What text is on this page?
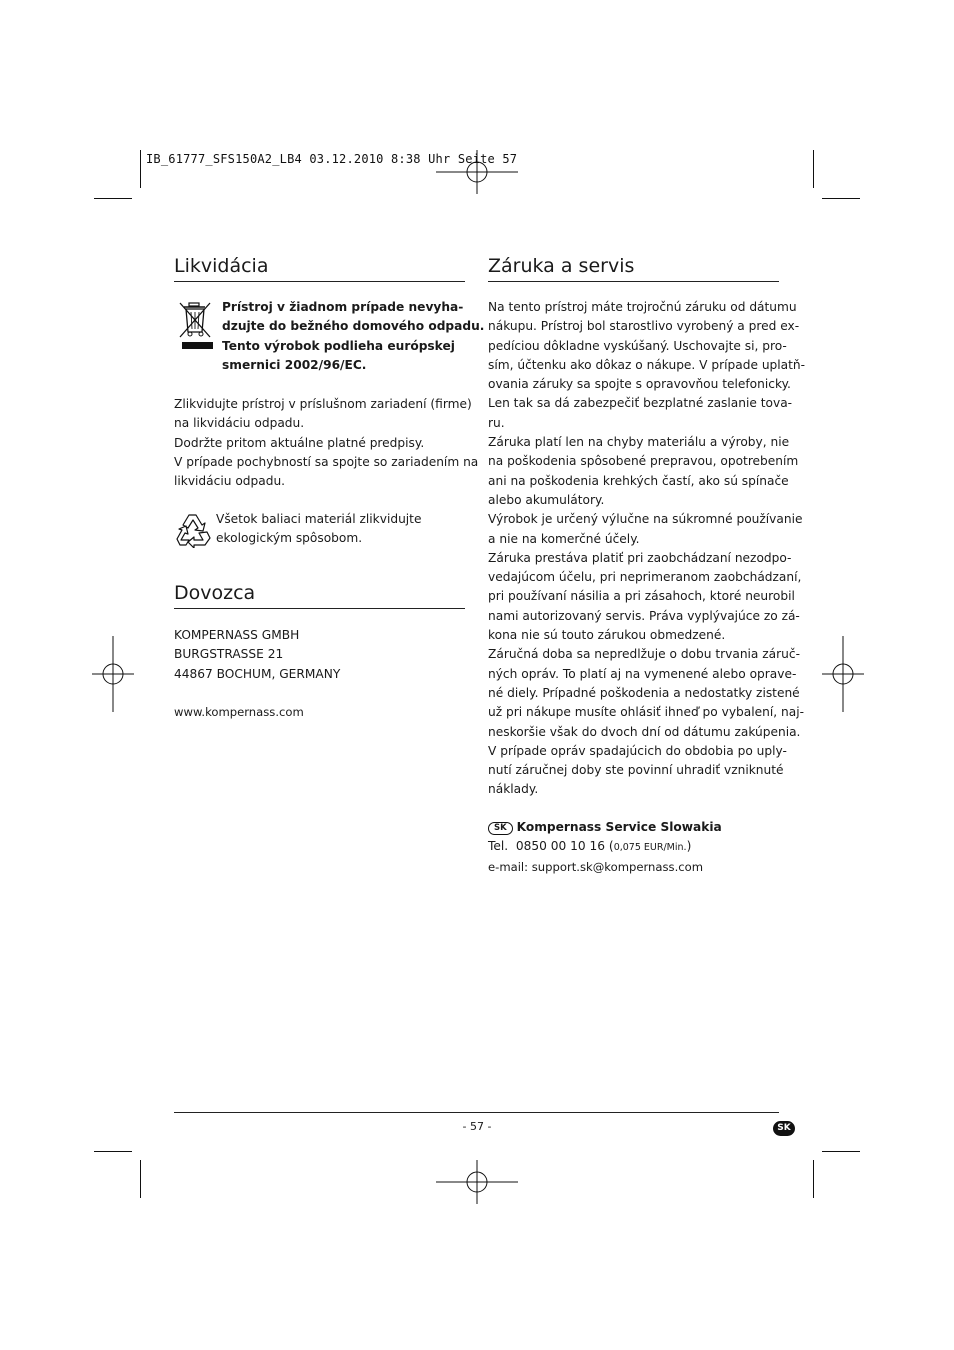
IB_61777_SFS150A2_LB4 03.12.2010 8:38 Uhr Seite 57
Likvidácia
Prístroj v žiadnom prípade nevyha-
dzujte do bežného domového odpadu.
Tento výrobok podlieha európskej
smernici 2002/96/EC.
Zlikvidujte prístroj v príslušnom zariadení (firme)
na likvidáciu odpadu.
Dodržte pritom aktuálne platné predpisy.
V prípade pochybností sa spojte so zariadením na
likvidáciu odpadu.
Všetok baliaci materiál zlikvidujte
ekologickým spôsobom.
Dovozca
KOMPERNASS GMBH
BURGSTRASSE 21
44867 BOCHUM, GERMANY
www.kompernass.com
Záruka a servis
Na tento prístroj máte trojročnú záruku od dátumu
nákupu. Prístroj bol starostlivo vyrobený a pred ex-
pedíciou dôkladne vyskúšaný. Uschovajte si, pro-
sím, účtenku ako dôkaz o nákupe. V prípade uplatň-
ovania záruky sa spojte s opravovňou telefonicky.
Len tak sa dá zabezpečiť bezplatné zaslanie tova-
ru.
Záruka platí len na chyby materiálu a výroby, nie
na poškodenia spôsobené prepravou, opotrebením
ani na poškodenia krehkých častí, ako sú spínače
alebo akumulátory.
Výrobok je určený výlučne na súkromné používanie
a nie na komerčné účely.
Záruka prestáva platiť pri zaobchádzaní nezodpo-
vedajúcom účelu, pri neprimeranom zaobchádzaní,
pri používaní násilia a pri zásahoch, ktoré neurobil
nami autorizovaný servis. Práva vyplývajúce zo zá-
kona nie sú touto zárukou obmedzené.
Záručná doba sa nepredlžuje o dobu trvania záruč-
ných opráv. To platí aj na vymenené alebo oprave-
né diely. Prípadné poškodenia a nedostatky zistené
už pri nákupe musíte ohlásiť ihneď po vybalení, naj-
neskoršie však do dvoch dní od dátumu zakúpenia.
V prípade opráv spadajúcich do obdobia po uply-
nutí záručnej doby ste povinní uhradiť vzniknuté
náklady.
SK Kompernass Service Slowakia
Tel. 0850 00 10 16 (0,075 EUR/Min.)
e-mail: support.sk@kompernass.com
- 57 -	SK
